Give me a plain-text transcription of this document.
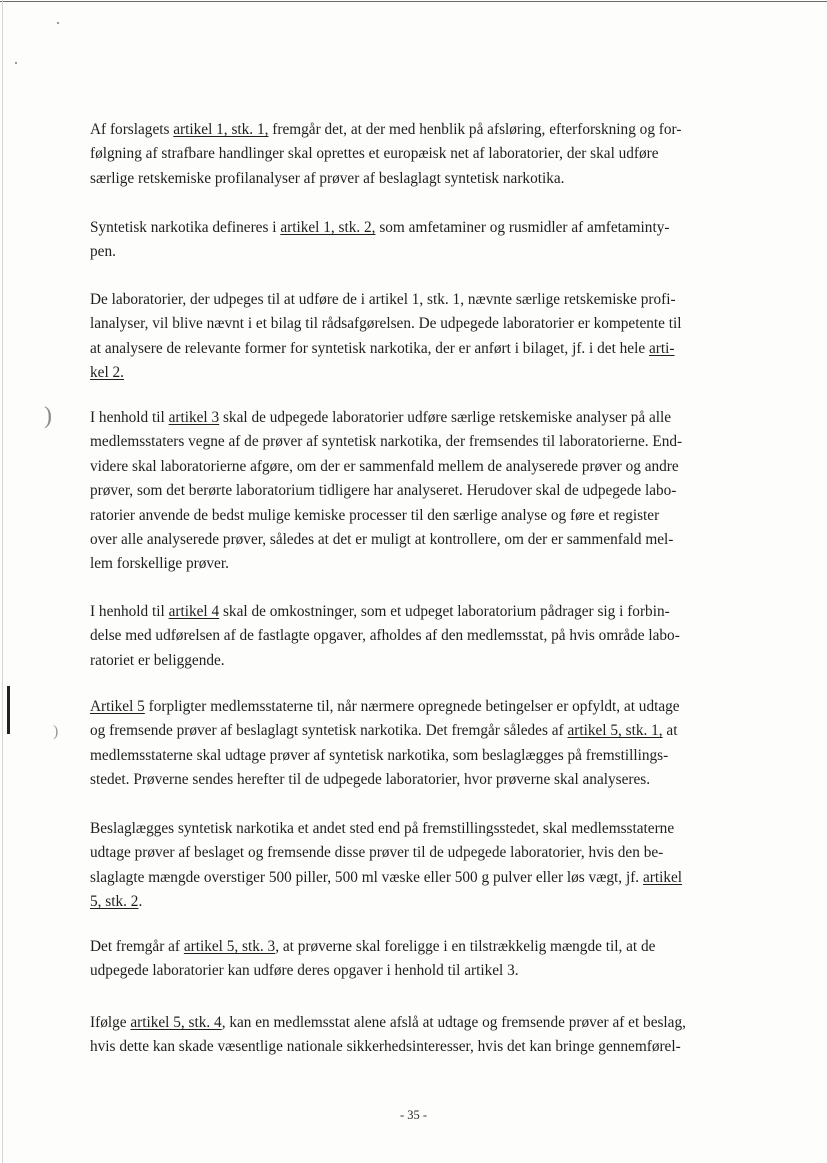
)
)
Af forslagets artikel 1, stk. 1, fremgår det, at der med henblik på afsløring, efterforskning og for-
følgning af strafbare handlinger skal oprettes et europæisk net af laboratorier, der skal udføre
særlige retskemiske profilanalyser af prøver af beslaglagt syntetisk narkotika.
Syntetisk narkotika defineres i artikel 1, stk. 2, som amfetaminer og rusmidler af amfetaminty-
pen.
De laboratorier, der udpeges til at udføre de i artikel 1, stk. 1, nævnte særlige retskemiske profi-
lanalyser, vil blive nævnt i et bilag til rådsafgørelsen. De udpegede laboratorier er kompetente til
at analysere de relevante former for syntetisk narkotika, der er anført i bilaget, jf. i det hele arti-
kel 2.
I henhold til artikel 3 skal de udpegede laboratorier udføre særlige retskemiske analyser på alle
medlemsstaters vegne af de prøver af syntetisk narkotika, der fremsendes til laboratorierne. End-
videre skal laboratorierne afgøre, om der er sammenfald mellem de analyserede prøver og andre
prøver, som det berørte laboratorium tidligere har analyseret. Herudover skal de udpegede labo-
ratorier anvende de bedst mulige kemiske processer til den særlige analyse og føre et register
over alle analyserede prøver, således at det er muligt at kontrollere, om der er sammenfald mel-
lem forskellige prøver.
I henhold til artikel 4 skal de omkostninger, som et udpeget laboratorium pådrager sig i forbin-
delse med udførelsen af de fastlagte opgaver, afholdes af den medlemsstat, på hvis område labo-
ratoriet er beliggende.
Artikel 5 forpligter medlemsstaterne til, når nærmere opregnede betingelser er opfyldt, at udtage
og fremsende prøver af beslaglagt syntetisk narkotika. Det fremgår således af artikel 5, stk. 1, at
medlemsstaterne skal udtage prøver af syntetisk narkotika, som beslaglægges på fremstillings-
stedet. Prøverne sendes herefter til de udpegede laboratorier, hvor prøverne skal analyseres.
Beslaglægges syntetisk narkotika et andet sted end på fremstillingsstedet, skal medlemsstaterne
udtage prøver af beslaget og fremsende disse prøver til de udpegede laboratorier, hvis den be-
slaglagte mængde overstiger 500 piller, 500 ml væske eller 500 g pulver eller løs vægt, jf. artikel
5, stk. 2.
Det fremgår af artikel 5, stk. 3, at prøverne skal foreligge i en tilstrækkelig mængde til, at de
udpegede laboratorier kan udføre deres opgaver i henhold til artikel 3.
Ifølge artikel 5, stk. 4, kan en medlemsstat alene afslå at udtage og fremsende prøver af et beslag,
hvis dette kan skade væsentlige nationale sikkerhedsinteresser, hvis det kan bringe gennemførel-
- 35 -
